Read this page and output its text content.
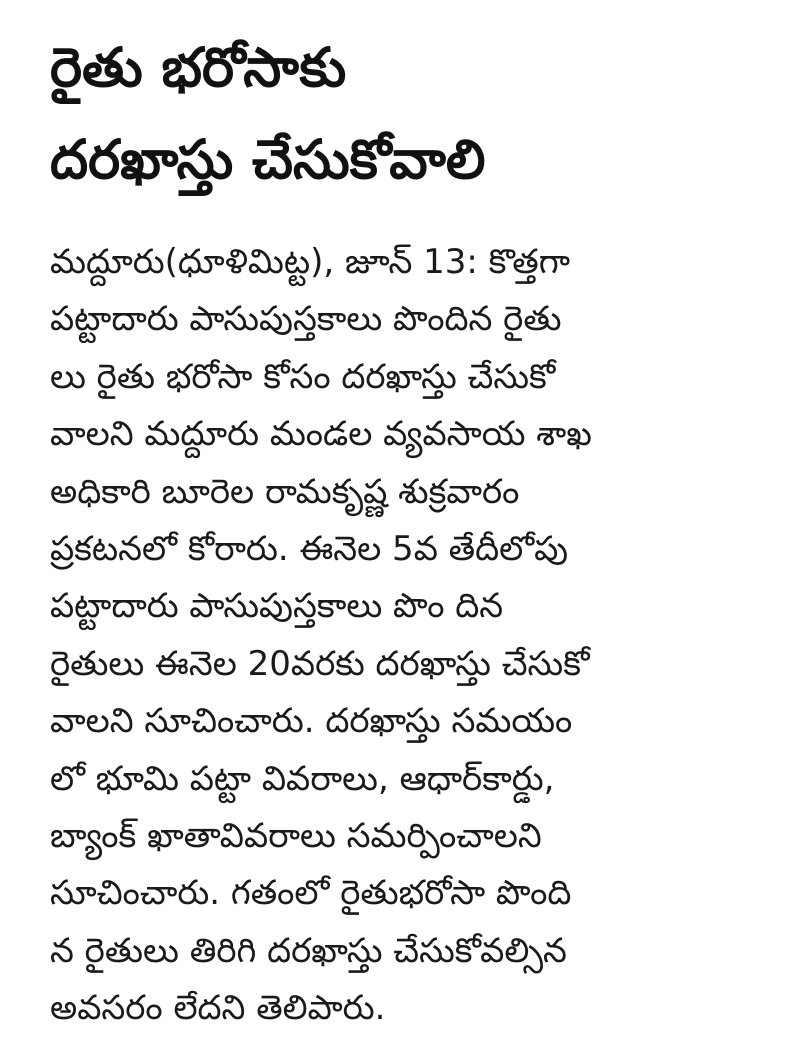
రైతు భరోసాకు
దరఖాస్తు చేసుకోవాలి
మద్దూరు(ధూళిమిట్ట), జూన్ 13: కొత్తగా
పట్టాదారు పాసుపుస్తకాలు పొందిన రైతు
లు రైతు భరోసా కోసం దరఖాస్తు చేసుకో
వాలని మద్దూరు మండల వ్యవసాయ శాఖ
అధికారి బూరెల రామకృష్ణ శుక్రవారం
ప్రకటనలో కోరారు. ఈనెల 5వ తేదీలోపు
పట్టాదారు పాసుపుస్తకాలు పొం దిన
రైతులు ఈనెల 20వరకు దరఖాస్తు చేసుకో
వాలని సూచించారు. దరఖాస్తు సమయం
లో భూమి పట్టా వివరాలు, ఆధార్‌కార్డు,
బ్యాంక్ ఖాతావివరాలు సమర్పించాలని
సూచించారు. గతంలో రైతుభరోసా పొంది
న రైతులు తిరిగి దరఖాస్తు చేసుకోవల్సిన
అవసరం లేదని తెలిపారు.
